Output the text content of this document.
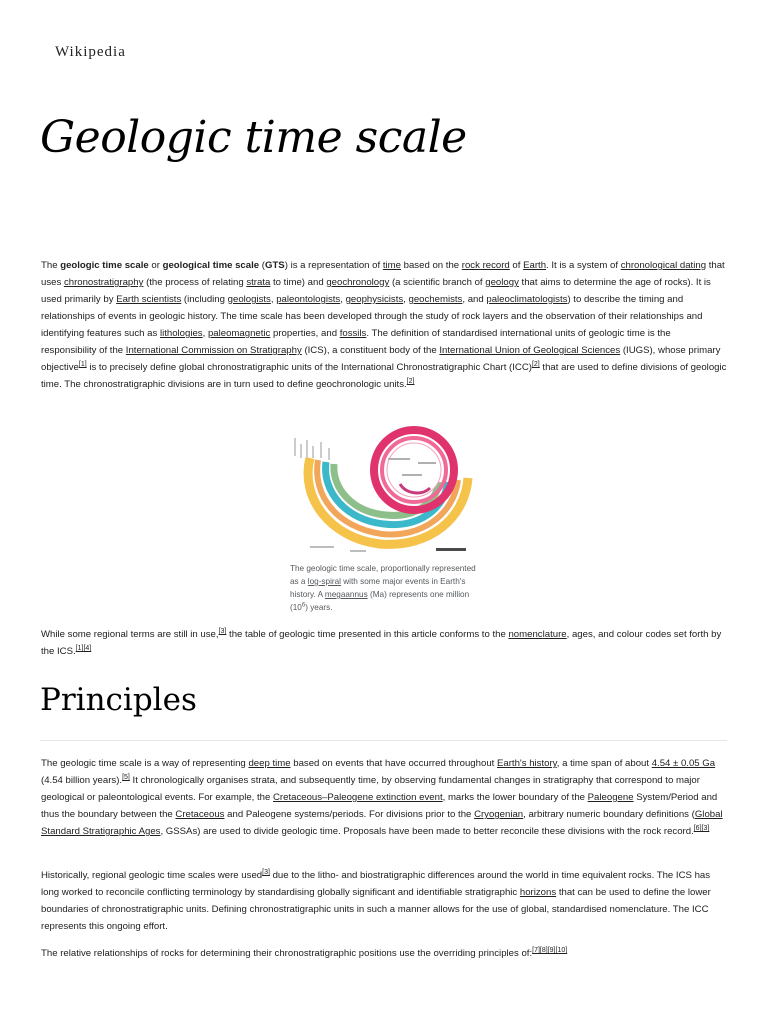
Wikipedia
Geologic time scale

The geologic time scale or geological time scale (GTS) is a representation of time based on the rock record of Earth. It is a system of chronological dating that uses chronostratigraphy (the process of relating strata to time) and geochronology (a scientific branch of geology that aims to determine the age of rocks). It is used primarily by Earth scientists (including geologists, paleontologists, geophysicists, geochemists, and paleoclimatologists) to describe the timing and relationships of events in geologic history. The time scale has been developed through the study of rock layers and the observation of their relationships and identifying features such as lithologies, paleomagnetic properties, and fossils. The definition of standardised international units of geologic time is the responsibility of the International Commission on Stratigraphy (ICS), a constituent body of the International Union of Geological Sciences (IUGS), whose primary objective[1] is to precisely define global chronostratigraphic units of the International Chronostratigraphic Chart (ICC)[2] that are used to define divisions of geologic time. The chronostratigraphic divisions are in turn used to define geochronologic units.[2]

The geologic time scale, proportionally represented as a log-spiral with some major events in Earth's history. A megaannus (Ma) represents one million $(10^6)$ years.

While some regional terms are still in use,[3] the table of geologic time presented in this article conforms to the nomenclature, ages, and colour codes set forth by the ICS.[1][4]

Principles

The geologic time scale is a way of representing deep time based on events that have occurred throughout Earth's history, a time span of about 4.54 ± 0.05 Ga (4.54 billion years).[5] It chronologically organises strata, and subsequently time, by observing fundamental changes in stratigraphy that correspond to major geological or paleontological events. For example, the Cretaceous–Paleogene extinction event, marks the lower boundary of the Paleogene System/Period and thus the boundary between the Cretaceous and Paleogene systems/periods. For divisions prior to the Cryogenian, arbitrary numeric boundary definitions (Global Standard Stratigraphic Ages, GSSAs) are used to divide geologic time. Proposals have been made to better reconcile these divisions with the rock record.[6][3]

Historically, regional geologic time scales were used[3] due to the litho- and biostratigraphic differences around the world in time equivalent rocks. The ICS has long worked to reconcile conflicting terminology by standardising globally significant and identifiable stratigraphic horizons that can be used to define the lower boundaries of chronostratigraphic units. Defining chronostratigraphic units in such a manner allows for the use of global, standardised nomenclature. The ICC represents this ongoing effort.

The relative relationships of rocks for determining their chronostratigraphic positions use the overriding principles of:[7][8][9][10]
